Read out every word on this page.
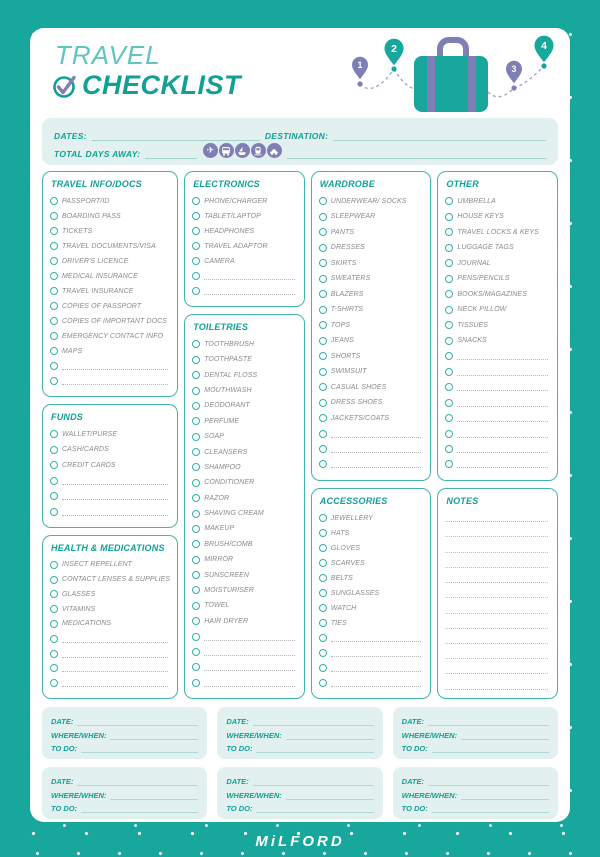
TRAVEL
CHECKLIST
1
2
3
4
DATES:	DESTINATION:
TOTAL DAYS AWAY:	✈
TRAVEL INFO/DOCS
PASSPORT/ID
BOARDING PASS
TICKETS
TRAVEL DOCUMENTS/VISA
DRIVER'S LICENCE
MEDICAL INSURANCE
TRAVEL INSURANCE
COPIES OF PASSPORT
COPIES OF IMPORTANT DOCS
EMERGENCY CONTACT INFO
MAPS
FUNDS
WALLET/PURSE
CASH/CARDS
CREDIT CARDS
HEALTH & MEDICATIONS
INSECT REPELLENT
CONTACT LENSES & SUPPLIES
GLASSES
VITAMINS
MEDICATIONS
ELECTRONICS
PHONE/CHARGER
TABLET/LAPTOP
HEADPHONES
TRAVEL ADAPTOR
CAMERA
TOILETRIES
TOOTHBRUSH
TOOTHPASTE
DENTAL FLOSS
MOUTHWASH
DEODORANT
PERFUME
SOAP
CLEANSERS
SHAMPOO
CONDITIONER
RAZOR
SHAVING CREAM
MAKEUP
BRUSH/COMB
MIRROR
SUNSCREEN
MOISTURISER
TOWEL
HAIR DRYER
WARDROBE
UNDERWEAR/ SOCKS
SLEEPWEAR
PANTS
DRESSES
SKIRTS
SWEATERS
BLAZERS
T-SHIRTS
TOPS
JEANS
SHORTS
SWIMSUIT
CASUAL SHOES
DRESS SHOES
JACKETS/COATS
ACCESSORIES
JEWELLERY
HATS
GLOVES
SCARVES
BELTS
SUNGLASSES
WATCH
TIES
OTHER
UMBRELLA
HOUSE KEYS
TRAVEL LOCKS & KEYS
LUGGAGE TAGS
JOURNAL
PENS/PENCILS
BOOKS/MAGAZINES
NECK PILLOW
TISSUES
SNACKS
NOTES
DATE:
WHERE/WHEN:
TO DO:
DATE:
WHERE/WHEN:
TO DO:
DATE:
WHERE/WHEN:
TO DO:
DATE:
WHERE/WHEN:
TO DO:
DATE:
WHERE/WHEN:
TO DO:
DATE:
WHERE/WHEN:
TO DO:
MiLFORD
